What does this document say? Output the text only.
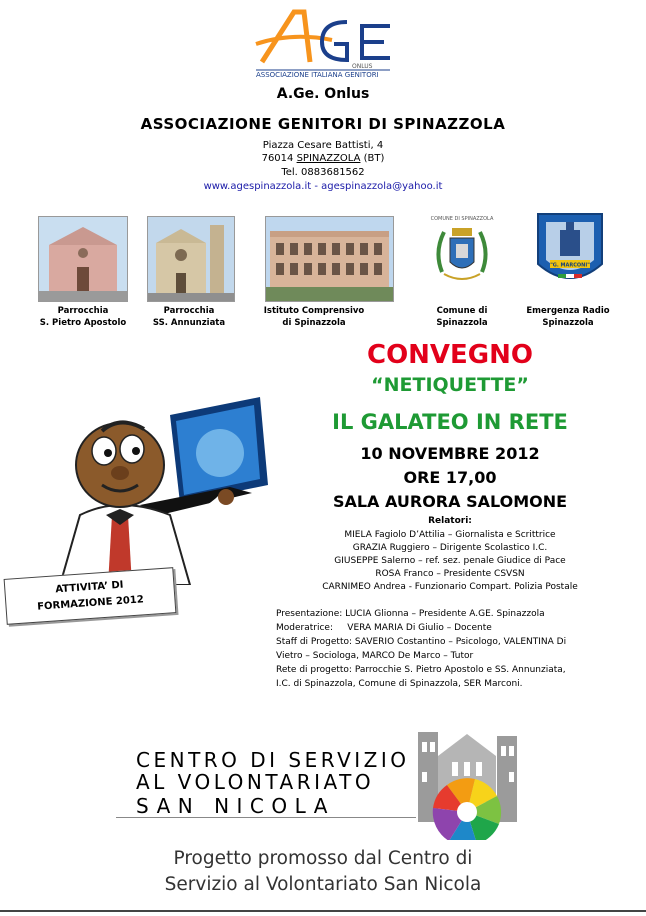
ONLUS
ASSOCIAZIONE ITALIANA GENITORI
A.Ge. Onlus
ASSOCIAZIONE GENITORI DI SPINAZZOLA
Piazza Cesare Battisti, 4
76014 SPINAZZOLA (BT)
Tel. 0883681562
www.agespinazzola.it - agespinazzola@yahoo.it
COMUNE DI SPINAZZOLA
"G. MARCONI"
Parrocchia
S. Pietro Apostolo
Parrocchia
SS. Annunziata
Istituto Comprensivo
di Spinazzola
Comune di
Spinazzola
Emergenza Radio
Spinazzola
CONVEGNO
“NETIQUETTE”
IL GALATEO IN RETE
10 NOVEMBRE 2012
ORE 17,00
SALA AURORA SALOMONE
Relatori:
MIELA Fagiolo D’Attilia – Giornalista e Scrittrice
GRAZIA Ruggiero – Dirigente Scolastico I.C.
GIUSEPPE Salerno – ref. sez. penale Giudice di Pace
ROSA Franco – Presidente CSVSN
CARNIMEO Andrea - Funzionario Compart. Polizia Postale
Presentazione: LUCIA Glionna – Presidente A.GE. Spinazzola
Moderatrice:     VERA MARIA Di Giulio – Docente
Staff di Progetto: SAVERIO Costantino – Psicologo, VALENTINA Di
Vietro – Sociologa, MARCO De Marco – Tutor
Rete di progetto: Parrocchie S. Pietro Apostolo e SS. Annunziata,
I.C. di Spinazzola, Comune di Spinazzola, SER Marconi.
ATTIVITA’ DI
FORMAZIONE 2012
CENTRO DI SERVIZIO
AL VOLONTARIATO
SAN NICOLA
Progetto promosso dal Centro di
Servizio al Volontariato San Nicola
